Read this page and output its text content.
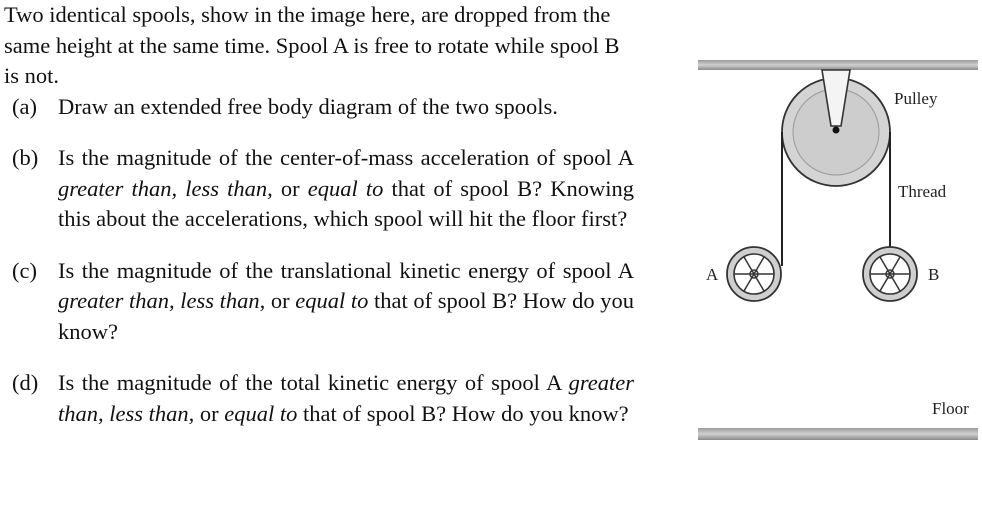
Two identical spools, show in the image here, are dropped from the same height at the same time. Spool A is free to rotate while spool B is not.

(a) Draw an extended free body diagram of the two spools.
(b) Is the magnitude of the center-of-mass acceleration of spool A greater than, less than, or equal to that of spool B? Knowing this about the accelerations, which spool will hit the floor first?
(c) Is the magnitude of the translational kinetic energy of spool A greater than, less than, or equal to that of spool B? How do you know?
(d) Is the magnitude of the total kinetic energy of spool A greater than, less than, or equal to that of spool B? How do you know?
Pulley
Thread
A	B
Floor
